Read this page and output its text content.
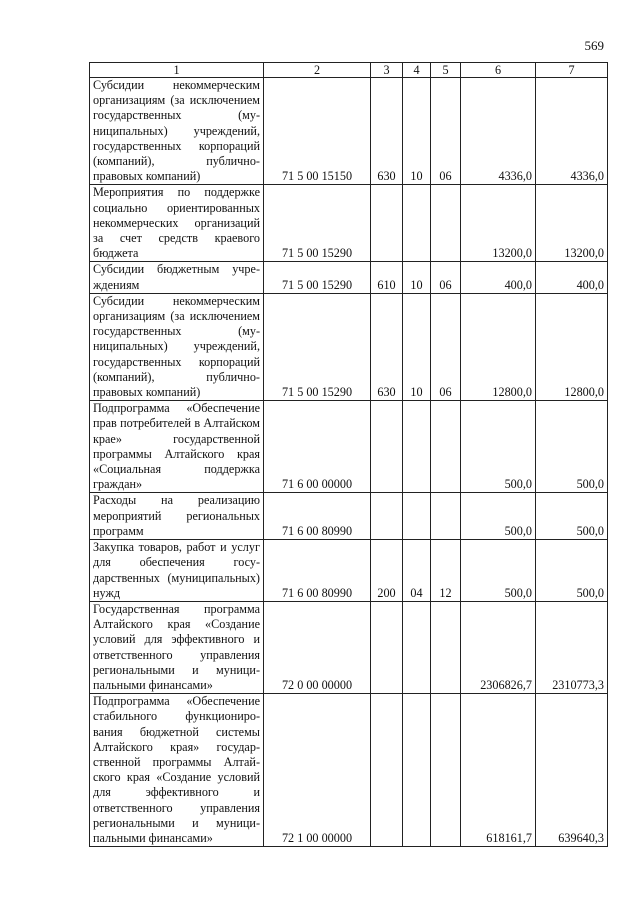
569
1	2	3	4	5	6	7
Субсидии некоммерческим организациям (за исключением государственных (муниципальных) учреждений, государственных корпораций (компаний), публично-правовых компаний)	71 5 00 15150	630	10	06	4336,0	4336,0
Мероприятия по поддержке социально ориентированных некоммерческих организаций за счет средств краевого бюджета	71 5 00 15290				13200,0	13200,0
Субсидии бюджетным учреждениям	71 5 00 15290	610	10	06	400,0	400,0
Субсидии некоммерческим организациям (за исключением государственных (муниципальных) учреждений, государственных корпораций (компаний), публично-правовых компаний)	71 5 00 15290	630	10	06	12800,0	12800,0
Подпрограмма «Обеспечение прав потребителей в Алтайском крае» государственной программы Алтайского края «Социальная поддержка граждан»	71 6 00 00000				500,0	500,0
Расходы на реализацию мероприятий региональных программ	71 6 00 80990				500,0	500,0
Закупка товаров, работ и услуг для обеспечения государственных (муниципальных) нужд	71 6 00 80990	200	04	12	500,0	500,0
Государственная программа Алтайского края «Создание условий для эффективного и ответственного управления региональными и муниципальными финансами»	72 0 00 00000				2306826,7	2310773,3
Подпрограмма «Обеспечение стабильного функционирования бюджетной системы Алтайского края» государственной программы Алтайского края «Создание условий для эффективного и ответственного управления региональными и муниципальными финансами»	72 1 00 00000				618161,7	639640,3
